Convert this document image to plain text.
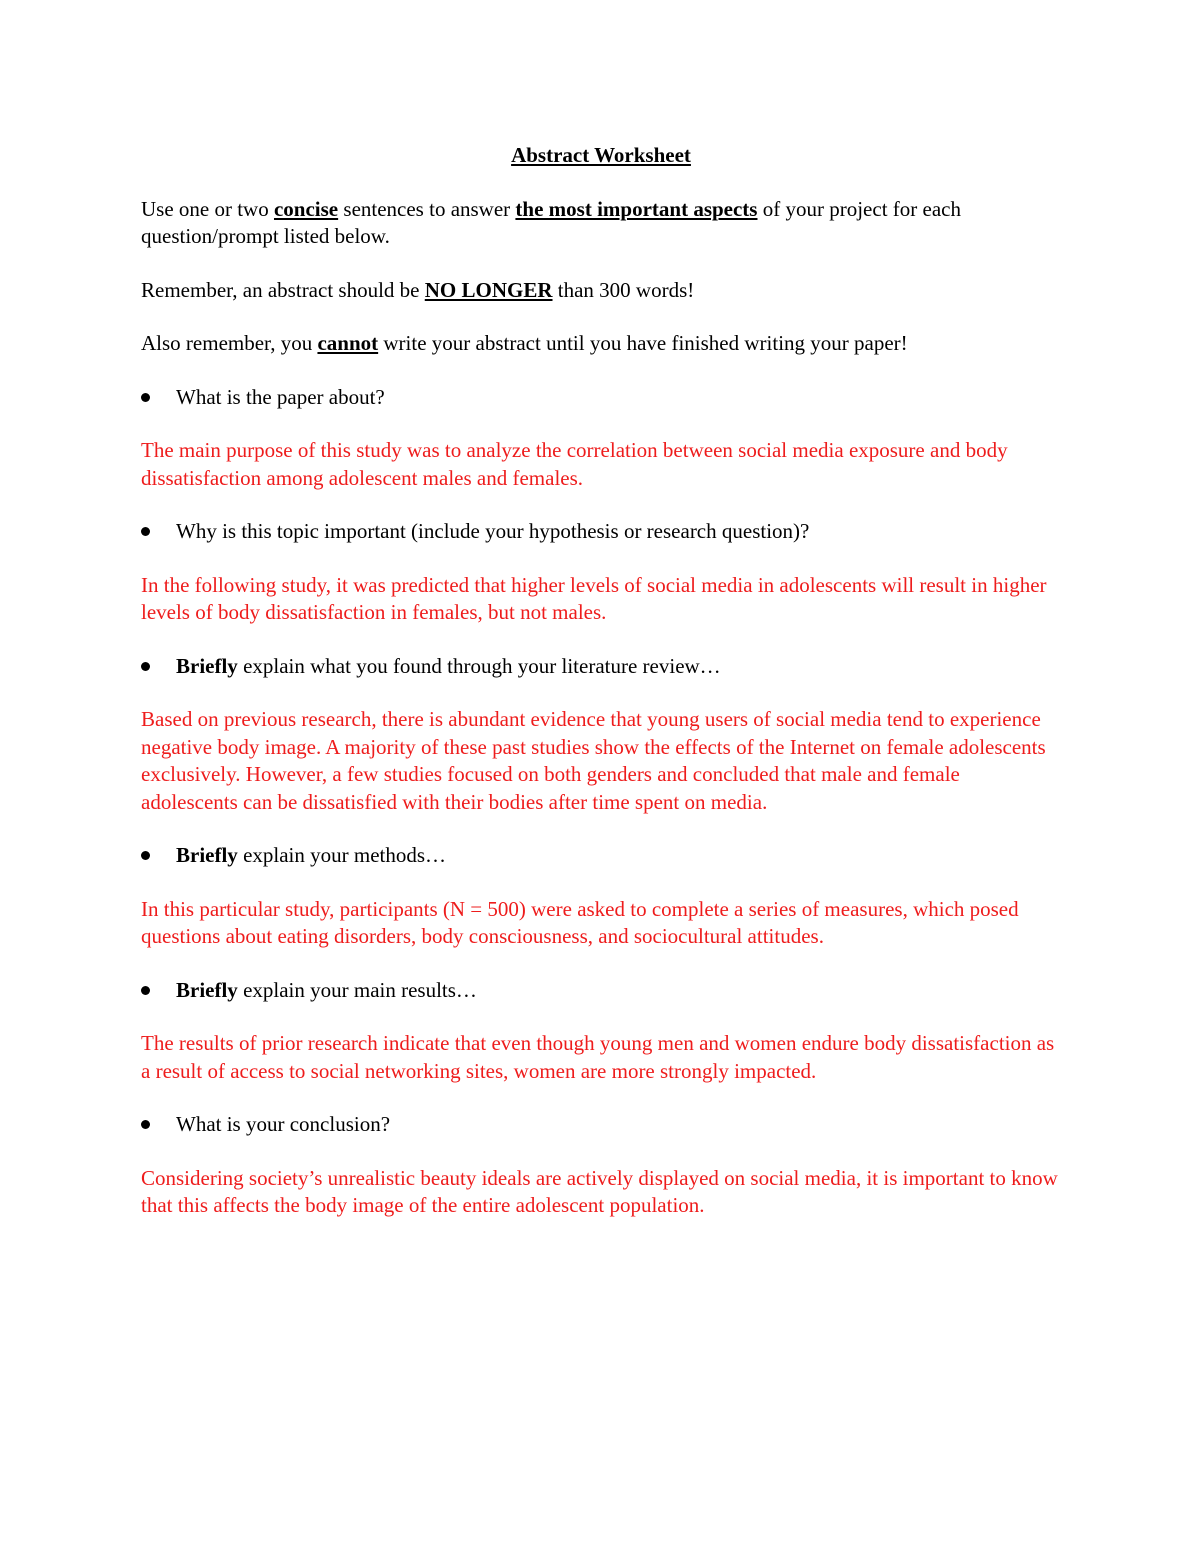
Abstract Worksheet

Use one or two concise sentences to answer the most important aspects of your project for each question/prompt listed below.

Remember, an abstract should be NO LONGER than 300 words!

Also remember, you cannot write your abstract until you have finished writing your paper!

What is the paper about?

The main purpose of this study was to analyze the correlation between social media exposure and body dissatisfaction among adolescent males and females.

Why is this topic important (include your hypothesis or research question)?

In the following study, it was predicted that higher levels of social media in adolescents will result in higher levels of body dissatisfaction in females, but not males.

Briefly explain what you found through your literature review…

Based on previous research, there is abundant evidence that young users of social media tend to experience negative body image. A majority of these past studies show the effects of the Internet on female adolescents exclusively. However, a few studies focused on both genders and concluded that male and female adolescents can be dissatisfied with their bodies after time spent on media.

Briefly explain your methods…

In this particular study, participants (N = 500) were asked to complete a series of measures, which posed questions about eating disorders, body consciousness, and sociocultural attitudes.

Briefly explain your main results…

The results of prior research indicate that even though young men and women endure body dissatisfaction as a result of access to social networking sites, women are more strongly impacted.

What is your conclusion?

Considering society’s unrealistic beauty ideals are actively displayed on social media, it is important to know that this affects the body image of the entire adolescent population.
